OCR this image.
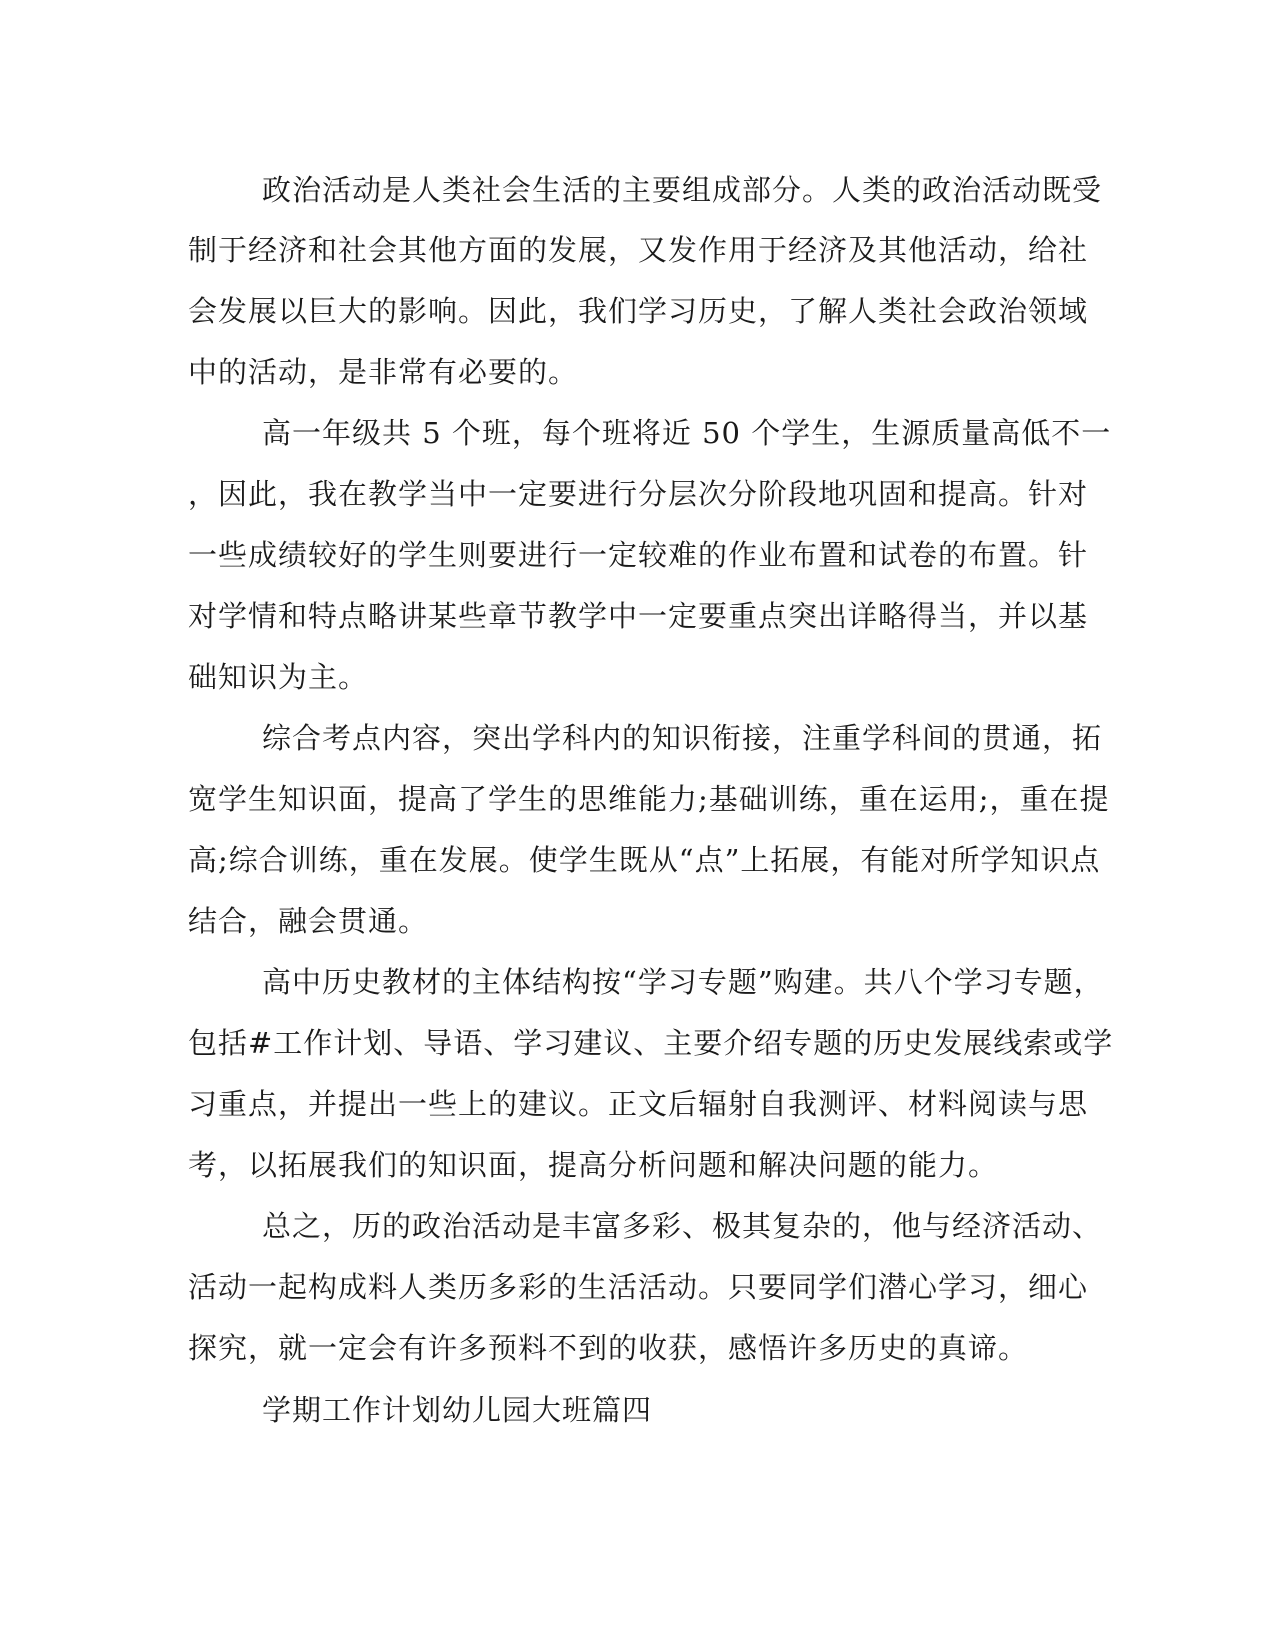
政治活动是人类社会生活的主要组成部分。人类的政治活动既受
制于经济和社会其他方面的发展，又发作用于经济及其他活动，给社
会发展以巨大的影响。因此，我们学习历史，了解人类社会政治领域
中的活动，是非常有必要的。
高一年级共 5 个班，每个班将近 50 个学生，生源质量高低不一
，因此，我在教学当中一定要进行分层次分阶段地巩固和提高。针对
一些成绩较好的学生则要进行一定较难的作业布置和试卷的布置。针
对学情和特点略讲某些章节教学中一定要重点突出详略得当，并以基
础知识为主。
综合考点内容，突出学科内的知识衔接，注重学科间的贯通，拓
宽学生知识面，提高了学生的思维能力;基础训练，重在运用;，重在提
高;综合训练，重在发展。使学生既从“点”上拓展，有能对所学知识点
结合，融会贯通。
高中历史教材的主体结构按“学习专题”购建。共八个学习专题，
包括#工作计划、导语、学习建议、主要介绍专题的历史发展线索或学
习重点，并提出一些上的建议。正文后辐射自我测评、材料阅读与思
考，以拓展我们的知识面，提高分析问题和解决问题的能力。
总之，历的政治活动是丰富多彩、极其复杂的，他与经济活动、
活动一起构成料人类历多彩的生活活动。只要同学们潜心学习，细心
探究，就一定会有许多预料不到的收获，感悟许多历史的真谛。
学期工作计划幼儿园大班篇四
